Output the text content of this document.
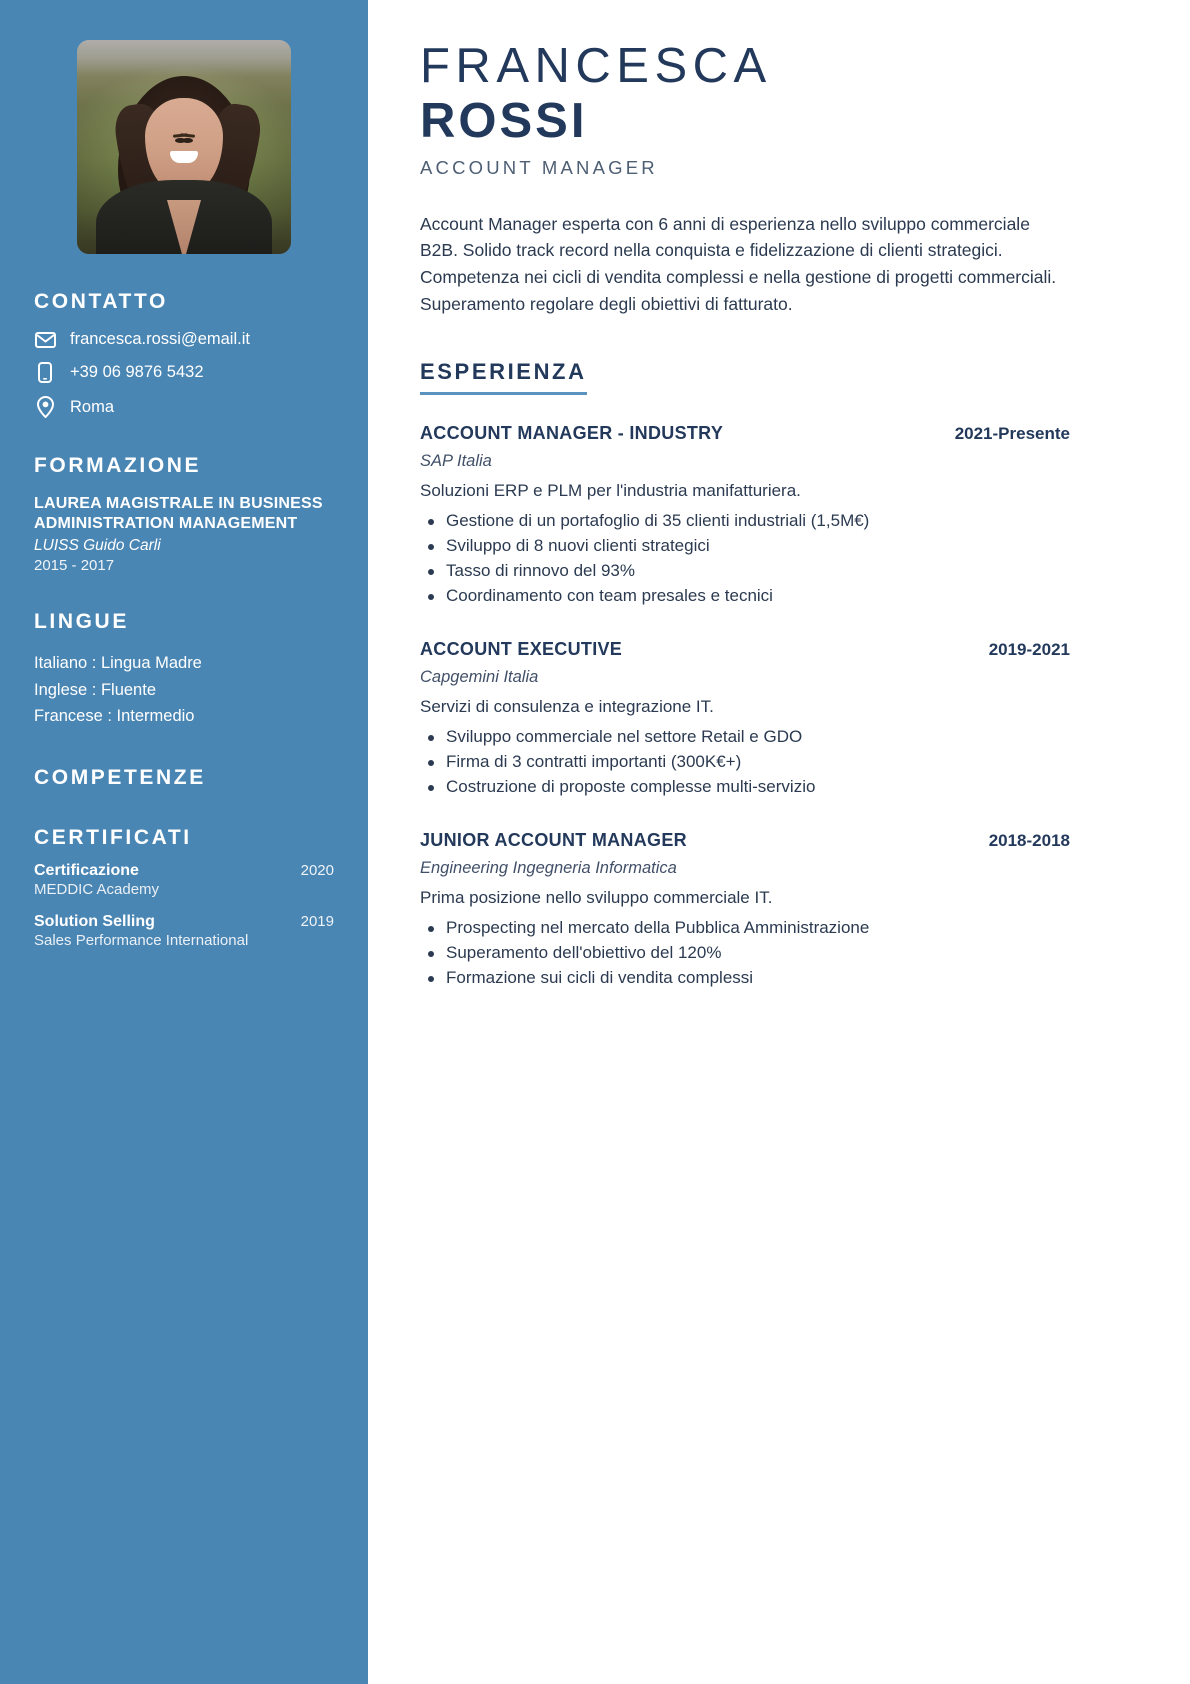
CONTATTO
francesca.rossi@email.it
+39 06 9876 5432
Roma
FORMAZIONE
LAUREA MAGISTRALE IN BUSINESS ADMINISTRATION MANAGEMENT
LUISS Guido Carli
2015 - 2017
LINGUE
Italiano : Lingua Madre
Inglese : Fluente
Francese : Intermedio
COMPETENZE
CERTIFICATI
Certificazione	2020
MEDDIC Academy
Solution Selling	2019
Sales Performance International
FRANCESCA
ROSSI
ACCOUNT MANAGER

Account Manager esperta con 6 anni di esperienza nello sviluppo commerciale B2B. Solido track record nella conquista e fidelizzazione di clienti strategici. Competenza nei cicli di vendita complessi e nella gestione di progetti commerciali. Superamento regolare degli obiettivi di fatturato.

ESPERIENZA
ACCOUNT MANAGER - INDUSTRY	2021-Presente
SAP Italia
Soluzioni ERP e PLM per l'industria manifatturiera.
Gestione di un portafoglio di 35 clienti industriali (1,5M€)
Sviluppo di 8 nuovi clienti strategici
Tasso di rinnovo del 93%
Coordinamento con team presales e tecnici
ACCOUNT EXECUTIVE	2019-2021
Capgemini Italia
Servizi di consulenza e integrazione IT.
Sviluppo commerciale nel settore Retail e GDO
Firma di 3 contratti importanti (300K€+)
Costruzione di proposte complesse multi-servizio
JUNIOR ACCOUNT MANAGER	2018-2018
Engineering Ingegneria Informatica
Prima posizione nello sviluppo commerciale IT.
Prospecting nel mercato della Pubblica Amministrazione
Superamento dell'obiettivo del 120%
Formazione sui cicli di vendita complessi
